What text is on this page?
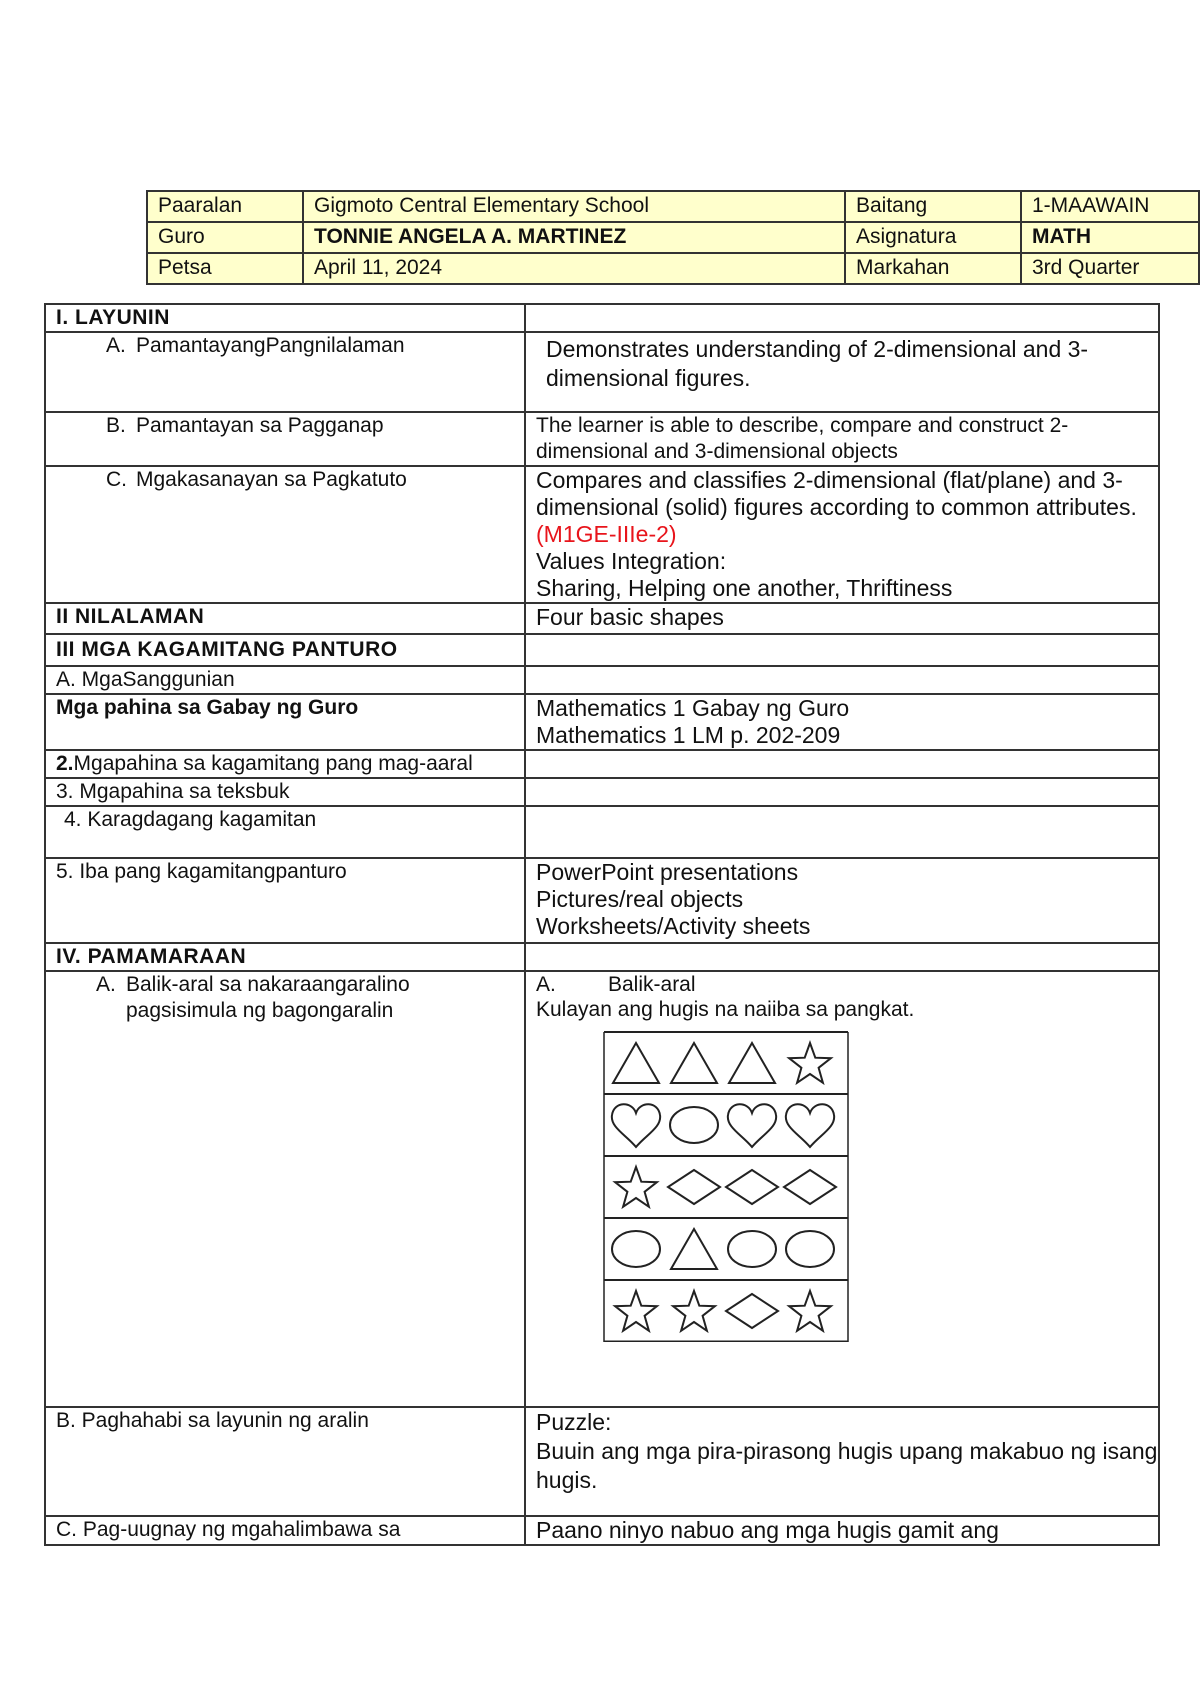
Paaralan	Gigmoto Central Elementary School	Baitang	1-MAAWAIN
Guro	TONNIE ANGELA A. MARTINEZ	Asignatura	MATH
Petsa	April 11, 2024	Markahan	3rd Quarter
I. LAYUNIN	
A. PamantayangPangnilalaman	Demonstrates understanding of 2-dimensional and 3-dimensional figures.
B. Pamantayan sa Pagganap	The learner is able to describe, compare and construct 2-dimensional and 3-dimensional objects
C. Mgakasanayan sa Pagkatuto	Compares and classifies 2-dimensional (flat/plane) and 3-dimensional (solid) figures according to common attributes.
(M1GE-IIIe-2)
Values Integration:
Sharing, Helping one another, Thriftiness

II NILALAMAN	Four basic shapes
III MGA KAGAMITANG PANTURO	
A. MgaSanggunian	
Mga pahina sa Gabay ng Guro	Mathematics 1 Gabay ng Guro
Mathematics 1 LM p. 202-209

2.Mgapahina sa kagamitang pang mag-aaral	
3. Mgapahina sa teksbuk	
4. Karagdagang kagamitan	
5. Iba pang kagamitangpanturo	PowerPoint presentations
Pictures/real objects
Worksheets/Activity sheets

IV. PAMAMARAAN	
A. Balik-aral sa nakaraangaralino pagsisimula ng bagongaralin	A. Balik-aral
Kulayan ang hugis na naiiba sa pangkat.

B. Paghahabi sa layunin ng aralin	Puzzle:
Buuin ang mga pira-pirasong hugis upang makabuo ng isang hugis.

C. Pag-uugnay ng mgahalimbawa sa	Paano ninyo nabuo ang mga hugis gamit ang
